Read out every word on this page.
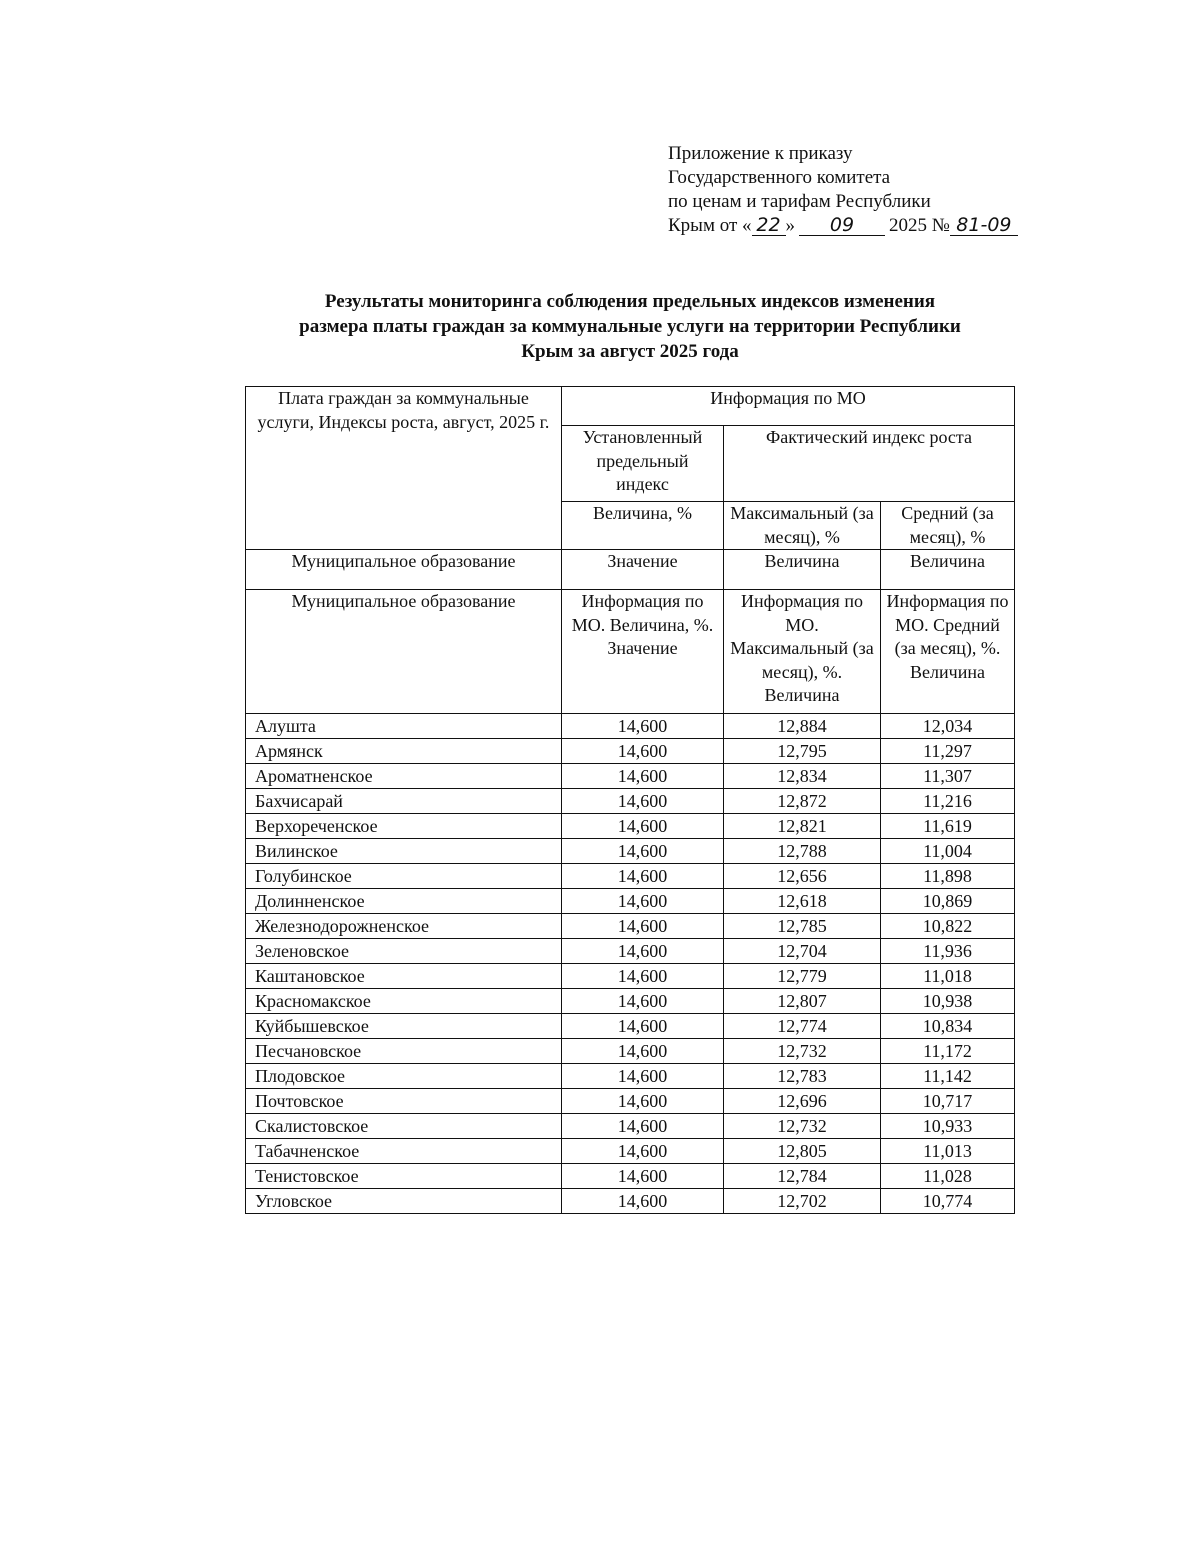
Приложение к приказу
Государственного комитета
по ценам и тарифам Республики
Крым от « 22 » 09 2025 № 81-09
Результаты мониторинга соблюдения предельных индексов изменения
размера платы граждан за коммунальные услуги на территории Республики
Крым за август 2025 года
Плата граждан за коммунальные услуги, Индексы роста, август, 2025 г.	Информация по МО		
	Установленный предельный индекс	Фактический индекс роста	
	Величина, %	Максимальный (за месяц), %	Средний (за месяц), %
Муниципальное образование	Значение	Величина	Величина
Муниципальное образование	Информация по МО. Величина, %. Значение	Информация по МО. Максимальный (за месяц), %. Величина	Информация по МО. Средний (за месяц), %. Величина
Алушта	14,600	12,884	12,034
Армянск	14,600	12,795	11,297
Ароматненское	14,600	12,834	11,307
Бахчисарай	14,600	12,872	11,216
Верхореченское	14,600	12,821	11,619
Вилинское	14,600	12,788	11,004
Голубинское	14,600	12,656	11,898
Долинненское	14,600	12,618	10,869
Железнодорожненское	14,600	12,785	10,822
Зеленовское	14,600	12,704	11,936
Каштановское	14,600	12,779	11,018
Красномакское	14,600	12,807	10,938
Куйбышевское	14,600	12,774	10,834
Песчановское	14,600	12,732	11,172
Плодовское	14,600	12,783	11,142
Почтовское	14,600	12,696	10,717
Скалистовское	14,600	12,732	10,933
Табачненское	14,600	12,805	11,013
Тенистовское	14,600	12,784	11,028
Угловское	14,600	12,702	10,774
